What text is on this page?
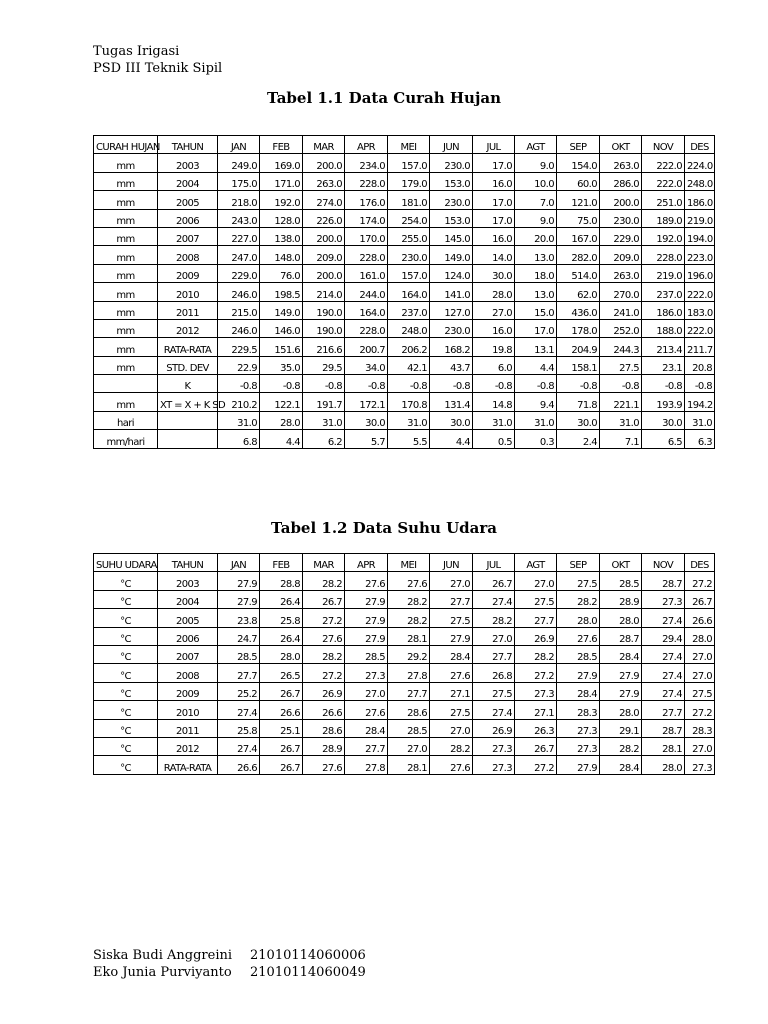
Tugas Irigasi
PSD III Teknik Sipil
Tabel 1.1 Data Curah Hujan
CURAH HUJAN	TAHUN	JAN	FEB	MAR	APR	MEI	JUN	JUL	AGT	SEP	OKT	NOV	DES
mm	2003	249.0	169.0	200.0	234.0	157.0	230.0	17.0	9.0	154.0	263.0	222.0	224.0
mm	2004	175.0	171.0	263.0	228.0	179.0	153.0	16.0	10.0	60.0	286.0	222.0	248.0
mm	2005	218.0	192.0	274.0	176.0	181.0	230.0	17.0	7.0	121.0	200.0	251.0	186.0
mm	2006	243.0	128.0	226.0	174.0	254.0	153.0	17.0	9.0	75.0	230.0	189.0	219.0
mm	2007	227.0	138.0	200.0	170.0	255.0	145.0	16.0	20.0	167.0	229.0	192.0	194.0
mm	2008	247.0	148.0	209.0	228.0	230.0	149.0	14.0	13.0	282.0	209.0	228.0	223.0
mm	2009	229.0	76.0	200.0	161.0	157.0	124.0	30.0	18.0	514.0	263.0	219.0	196.0
mm	2010	246.0	198.5	214.0	244.0	164.0	141.0	28.0	13.0	62.0	270.0	237.0	222.0
mm	2011	215.0	149.0	190.0	164.0	237.0	127.0	27.0	15.0	436.0	241.0	186.0	183.0
mm	2012	246.0	146.0	190.0	228.0	248.0	230.0	16.0	17.0	178.0	252.0	188.0	222.0
mm	RATA-RATA	229.5	151.6	216.6	200.7	206.2	168.2	19.8	13.1	204.9	244.3	213.4	211.7
mm	STD. DEV	22.9	35.0	29.5	34.0	42.1	43.7	6.0	4.4	158.1	27.5	23.1	20.8
	K	-0.8	-0.8	-0.8	-0.8	-0.8	-0.8	-0.8	-0.8	-0.8	-0.8	-0.8	-0.8
mm	XT = X + K SD	210.2	122.1	191.7	172.1	170.8	131.4	14.8	9.4	71.8	221.1	193.9	194.2
hari		31.0	28.0	31.0	30.0	31.0	30.0	31.0	31.0	30.0	31.0	30.0	31.0
mm/hari		6.8	4.4	6.2	5.7	5.5	4.4	0.5	0.3	2.4	7.1	6.5	6.3
Tabel 1.2 Data Suhu Udara
SUHU UDARA	TAHUN	JAN	FEB	MAR	APR	MEI	JUN	JUL	AGT	SEP	OKT	NOV	DES
°C	2003	27.9	28.8	28.2	27.6	27.6	27.0	26.7	27.0	27.5	28.5	28.7	27.2
°C	2004	27.9	26.4	26.7	27.9	28.2	27.7	27.4	27.5	28.2	28.9	27.3	26.7
°C	2005	23.8	25.8	27.2	27.9	28.2	27.5	28.2	27.7	28.0	28.0	27.4	26.6
°C	2006	24.7	26.4	27.6	27.9	28.1	27.9	27.0	26.9	27.6	28.7	29.4	28.0
°C	2007	28.5	28.0	28.2	28.5	29.2	28.4	27.7	28.2	28.5	28.4	27.4	27.0
°C	2008	27.7	26.5	27.2	27.3	27.8	27.6	26.8	27.2	27.9	27.9	27.4	27.0
°C	2009	25.2	26.7	26.9	27.0	27.7	27.1	27.5	27.3	28.4	27.9	27.4	27.5
°C	2010	27.4	26.6	26.6	27.6	28.6	27.5	27.4	27.1	28.3	28.0	27.7	27.2
°C	2011	25.8	25.1	28.6	28.4	28.5	27.0	26.9	26.3	27.3	29.1	28.7	28.3
°C	2012	27.4	26.7	28.9	27.7	27.0	28.2	27.3	26.7	27.3	28.2	28.1	27.0
°C	RATA-RATA	26.6	26.7	27.6	27.8	28.1	27.6	27.3	27.2	27.9	28.4	28.0	27.3
Siska Budi Anggreini 21010114060006
Eko Junia Purviyanto 21010114060049
